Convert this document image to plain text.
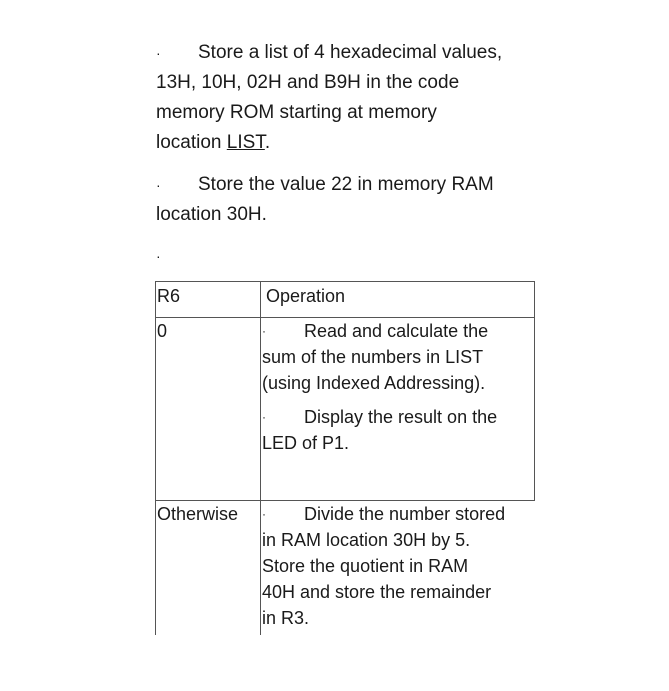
· Store a list of 4 hexadecimal values,
13H, 10H, 02H and B9H in the code
memory ROM starting at memory
location LIST.
· Store the value 22 in memory RAM
location 30H.
·
R6	Operation
0	· Read and calculate the
sum of the numbers in LIST
(using Indexed Addressing).
· Display the result on the
LED of P1.
Otherwise · Divide the number stored
in RAM location 30H by 5.
Store the quotient in RAM
40H and store the remainder
in R3.
